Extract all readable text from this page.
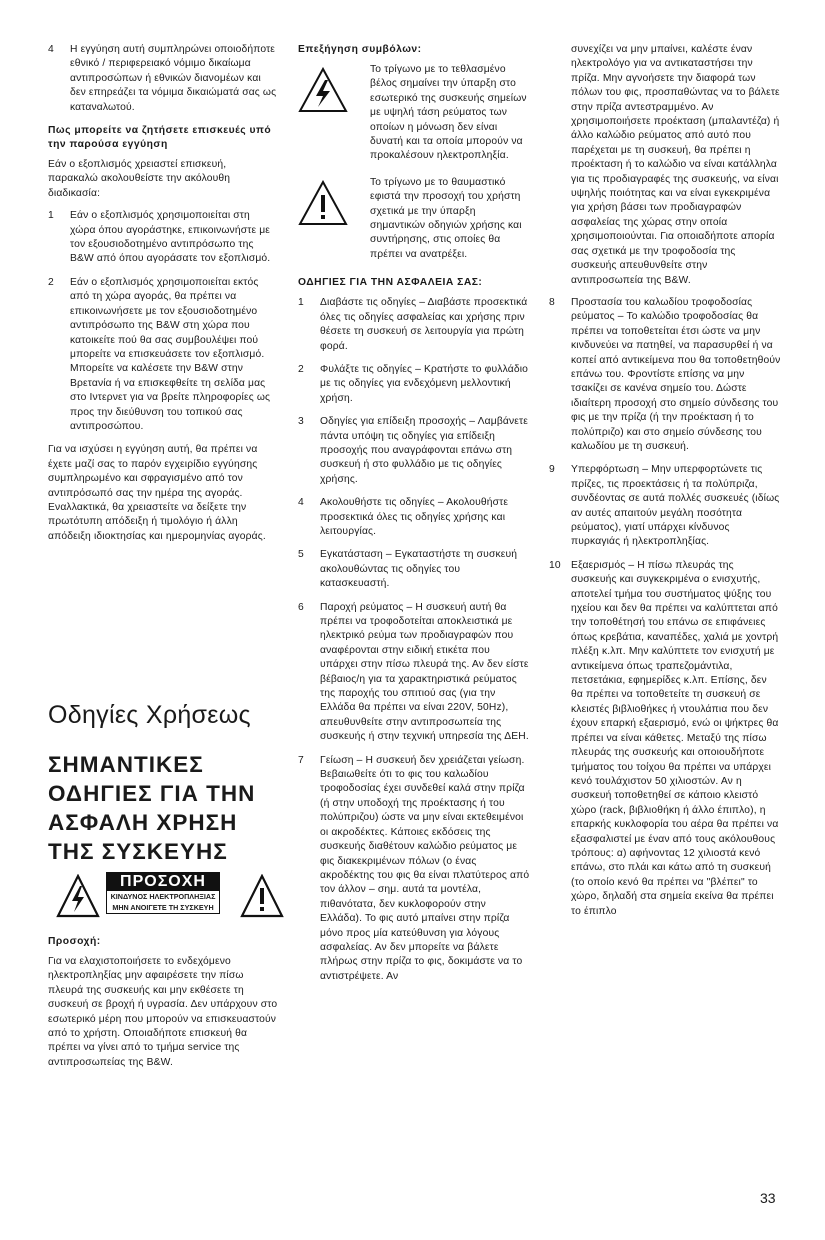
4	Η εγγύηση αυτή συμπληρώνει οποιοδήποτε εθνικό / περιφερειακό νόμιμο δικαίωμα αντιπροσώπων ή εθνικών διανομέων και δεν επηρεάζει τα νόμιμα δικαιώματά σας ως καταναλωτού.
Πως μπορείτε να ζητήσετε επισκευές υπό την παρούσα εγγύηση

Εάν ο εξοπλισμός χρειαστεί επισκευή, παρακαλώ ακολουθείστε την ακόλουθη διαδικασία:

1	Εάν ο εξοπλισμός χρησιμοποιείται στη χώρα όπου αγοράστηκε, επικοινωνήστε με τον εξουσιοδοτημένο αντιπρόσωπο της B&W από όπου αγοράσατε τον εξοπλισμό.
2	Εάν ο εξοπλισμός χρησιμοποιείται εκτός από τη χώρα αγοράς, θα πρέπει να επικοινωνήσετε με τον εξουσιοδοτημένο αντιπρόσωπο της B&W στη χώρα που κατοικείτε πού θα σας συμβουλέψει πού μπορείτε να επισκευάσετε τον εξοπλισμό. Μπορείτε να καλέσετε την B&W στην Βρετανία ή να επισκεφθείτε τη σελίδα μας στο Ιντερνετ για να βρείτε πληροφορίες ως προς την διεύθυνση του τοπικού σας αντιπροσώπου.

Για να ισχύσει η εγγύηση αυτή, θα πρέπει να έχετε μαζί σας το παρόν εγχειρίδιο εγγύησης συμπληρωμένο και σφραγισμένο από τον αντιπρόσωπό σας την ημέρα της αγοράς. Εναλλακτικά, θα χρειαστείτε να δείξετε την πρωτότυπη απόδειξη ή τιμολόγιο ή άλλη απόδειξη ιδιοκτησίας και ημερομηνίας αγοράς.

Οδηγίες Χρήσεως
ΣΗΜΑΝΤΙΚΕΣ ΟΔΗΓΙΕΣ ΓΙΑ ΤΗΝ ΑΣΦΑΛΗ ΧΡΗΣΗ ΤΗΣ ΣΥΣΚΕΥΗΣ
ΠΡΟΣΟΧΗ
ΚΙΝΔΥΝΟΣ ΗΛΕΚΤΡΟΠΛΗΞΙΑΣ
ΜΗΝ ΑΝΟΙΓΕΤΕ ΤΗ ΣΥΣΚΕΥΗ
Προσοχή:

Για να ελαχιστοποιήσετε το ενδεχόμενο ηλεκτροπληξίας μην αφαιρέσετε την πίσω πλευρά της συσκευής και μην εκθέσετε τη συσκευή σε βροχή ή υγρασία. Δεν υπάρχουν στο εσωτερικό μέρη που μπορούν να επισκευαστούν από το χρήστη. Οποιαδήποτε επισκευή θα πρέπει να γίνει από το τμήμα service της αντιπροσωπείας της B&W.

Επεξήγηση συμβόλων:
Το τρίγωνο με το τεθλασμένο βέλος σημαίνει την ύπαρξη στο εσωτερικό της συσκευής σημείων με υψηλή τάση ρεύματος των οποίων η μόνωση δεν είναι δυνατή και τα οποία μπορούν να προκαλέσουν ηλεκτροπληξία.
Το τρίγωνο με το θαυμαστικό εφιστά την προσοχή του χρήστη σχετικά με την ύπαρξη σημαντικών οδηγιών χρήσης και συντήρησης, στις οποίες θα πρέπει να ανατρέξει.
ΟΔΗΓΙΕΣ ΓΙΑ ΤΗΝ ΑΣΦΑΛΕΙΑ ΣΑΣ:
1	Διαβάστε τις οδηγίες – Διαβάστε προσεκτικά όλες τις οδηγίες ασφαλείας και χρήσης πριν θέσετε τη συσκευή σε λειτουργία για πρώτη φορά.
2	Φυλάξτε τις οδηγίες – Κρατήστε το φυλλάδιο με τις οδηγίες για ενδεχόμενη μελλοντική χρήση.
3	Οδηγίες για επίδειξη προσοχής – Λαμβάνετε πάντα υπόψη τις οδηγίες για επίδειξη προσοχής που αναγράφονται επάνω στη συσκευή ή στο φυλλάδιο με τις οδηγίες χρήσης.
4	Ακολουθήστε τις οδηγίες – Ακολουθήστε προσεκτικά όλες τις οδηγίες χρήσης και λειτουργίας.
5	Εγκατάσταση – Εγκαταστήστε τη συσκευή ακολουθώντας τις οδηγίες του κατασκευαστή.
6	Παροχή ρεύματος – Η συσκευή αυτή θα πρέπει να τροφοδοτείται αποκλειστικά με ηλεκτρικό ρεύμα των προδιαγραφών που αναφέρονται στην ειδική ετικέτα που υπάρχει στην πίσω πλευρά της. Αν δεν είστε βέβαιος/η για τα χαρακτηριστικά ρεύματος της παροχής του σπιτιού σας (για την Ελλάδα θα πρέπει να είναι 220V, 50Hz), απευθυνθείτε στην αντιπροσωπεία της συσκευής ή στην τεχνική υπηρεσία της ΔΕΗ.
7	Γείωση – Η συσκευή δεν χρειάζεται γείωση. Βεβαιωθείτε ότι το φις του καλωδίου τροφοδοσίας έχει συνδεθεί καλά στην πρίζα (ή στην υποδοχή της προέκτασης ή του πολύπριζου) ώστε να μην είναι εκτεθειμένοι οι ακροδέκτες. Κάποιες εκδόσεις της συσκευής διαθέτουν καλώδιο ρεύματος με φις διακεκριμένων πόλων (ο ένας ακροδέκτης του φις θα είναι πλατύτερος από τον άλλον – σημ. αυτά τα μοντέλα, πιθανότατα, δεν κυκλοφορούν στην Ελλάδα). Το φις αυτό μπαίνει στην πρίζα μόνο προς μία κατεύθυνση για λόγους ασφαλείας. Αν δεν μπορείτε να βάλετε πλήρως στην πρίζα το φις, δοκιμάστε να το αντιστρέψετε. Αν

συνεχίζει να μην μπαίνει, καλέστε έναν ηλεκτρολόγο για να αντικαταστήσει την πρίζα. Μην αγνοήσετε την διαφορά των πόλων του φις, προσπαθώντας να το βάλετε στην πρίζα αντεστραμμένο. Αν χρησιμοποιήσετε προέκταση (μπαλαντέζα) ή άλλο καλώδιο ρεύματος από αυτό που παρέχεται με τη συσκευή, θα πρέπει η προέκταση ή το καλώδιο να είναι κατάλληλα για τις προδιαγραφές της συσκευής, να είναι υψηλής ποιότητας και να είναι εγκεκριμένα για χρήση βάσει των προδιαγραφών ασφαλείας της χώρας στην οποία χρησιμοποιούνται. Για οποιαδήποτε απορία σας σχετικά με την τροφοδοσία της συσκευής απευθυνθείτε στην αντιπροσωπεία της B&W.

8	Προστασία του καλωδίου τροφοδοσίας ρεύματος – Το καλώδιο τροφοδοσίας θα πρέπει να τοποθετείται έτσι ώστε να μην κινδυνεύει να πατηθεί, να παρασυρθεί ή να κοπεί από αντικείμενα που θα τοποθετηθούν επάνω του. Φροντίστε επίσης να μην τσακίζει σε κανένα σημείο του. Δώστε ιδιαίτερη προσοχή στο σημείο σύνδεσης του φις με την πρίζα (ή την προέκταση ή το πολύπριζο) και στο σημείο σύνδεσης του καλωδίου με τη συσκευή.
9	Υπερφόρτωση – Μην υπερφορτώνετε τις πρίζες, τις προεκτάσεις ή τα πολύπριζα, συνδέοντας σε αυτά πολλές συσκευές (ιδίως αν αυτές απαιτούν μεγάλη ποσότητα ρεύματος), γιατί υπάρχει κίνδυνος πυρκαγιάς ή ηλεκτροπληξίας.
10 Εξαερισμός – Η πίσω πλευράς της συσκευής και συγκεκριμένα ο ενισχυτής, αποτελεί τμήμα του συστήματος ψύξης του ηχείου και δεν θα πρέπει να καλύπτεται από την τοποθέτησή του επάνω σε επιφάνειες όπως κρεβάτια, καναπέδες, χαλιά με χοντρή πλέξη κ.λπ. Μην καλύπτετε τον ενισχυτή με αντικείμενα όπως τραπεζομάντιλα, πετσετάκια, εφημερίδες κ.λπ. Επίσης, δεν θα πρέπει να τοποθετείτε τη συσκευή σε κλειστές βιβλιοθήκες ή ντουλάπια που δεν έχουν επαρκή εξαερισμό, ενώ οι ψήκτρες θα πρέπει να είναι κάθετες. Μεταξύ της πίσω πλευράς της συσκευής και οποιουδήποτε τμήματος του τοίχου θα πρέπει να υπάρχει κενό τουλάχιστον 50 χιλιοστών. Αν η συσκευή τοποθετηθεί σε κάποιο κλειστό χώρο (rack, βιβλιοθήκη ή άλλο έπιπλο), η επαρκής κυκλοφορία του αέρα θα πρέπει να εξασφαλιστεί με έναν από τους ακόλουθους τρόπους: α) αφήνοντας 12 χιλιοστά κενό επάνω, στο πλάι και κάτω από τη συσκευή (το οποίο κενό θα πρέπει να "βλέπει" το χώρο, δηλαδή στα σημεία εκείνα θα πρέπει το έπιπλο
33
